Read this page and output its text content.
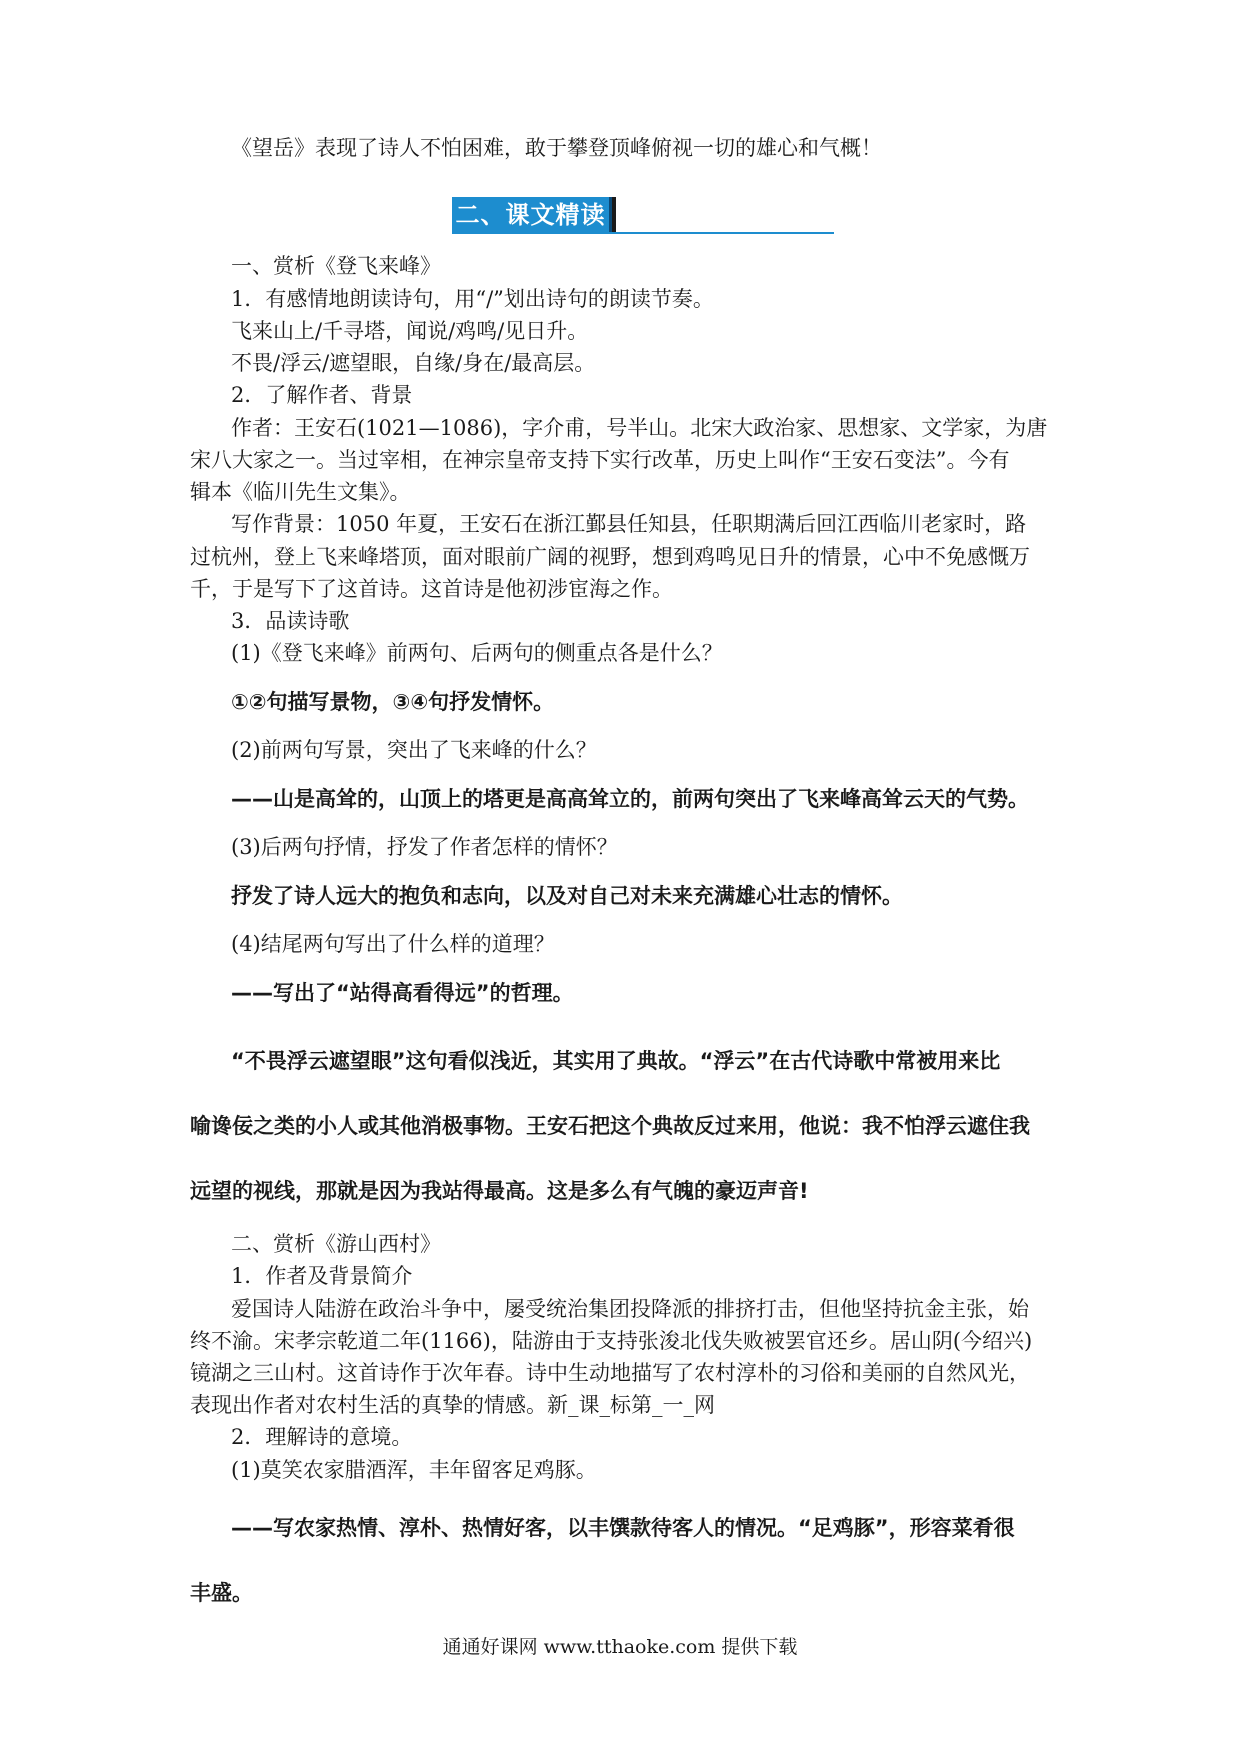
《望岳》表现了诗人不怕困难，敢于攀登顶峰俯视一切的雄心和气概！
二、课文精读
一、赏析《登飞来峰》
1．有感情地朗读诗句，用“/”划出诗句的朗读节奏。
飞来山上/千寻塔，闻说/鸡鸣/见日升。
不畏/浮云/遮望眼，自缘/身在/最高层。
2．了解作者、背景
作者：王安石(1021—1086)，字介甫，号半山。北宋大政治家、思想家、文学家，为唐
宋八大家之一。当过宰相，在神宗皇帝支持下实行改革，历史上叫作“王安石变法”。今有
辑本《临川先生文集》。
写作背景：1050 年夏，王安石在浙江鄞县任知县，任职期满后回江西临川老家时，路
过杭州，登上飞来峰塔顶，面对眼前广阔的视野，想到鸡鸣见日升的情景，心中不免感慨万
千，于是写下了这首诗。这首诗是他初涉宦海之作。
3．品读诗歌
(1)《登飞来峰》前两句、后两句的侧重点各是什么？
①②句描写景物，③④句抒发情怀。
(2)前两句写景，突出了飞来峰的什么？
——山是高耸的，山顶上的塔更是高高耸立的，前两句突出了飞来峰高耸云天的气势。
(3)后两句抒情，抒发了作者怎样的情怀？
抒发了诗人远大的抱负和志向，以及对自己对未来充满雄心壮志的情怀。
(4)结尾两句写出了什么样的道理？
——写出了“站得高看得远”的哲理。
“不畏浮云遮望眼”这句看似浅近，其实用了典故。“浮云”在古代诗歌中常被用来比
喻谗佞之类的小人或其他消极事物。王安石把这个典故反过来用，他说：我不怕浮云遮住我
远望的视线，那就是因为我站得最高。这是多么有气魄的豪迈声音!
二、赏析《游山西村》
1．作者及背景简介
爱国诗人陆游在政治斗争中，屡受统治集团投降派的排挤打击，但他坚持抗金主张，始
终不渝。宋孝宗乾道二年(1166)，陆游由于支持张浚北伐失败被罢官还乡。居山阴(今绍兴)
镜湖之三山村。这首诗作于次年春。诗中生动地描写了农村淳朴的习俗和美丽的自然风光，
表现出作者对农村生活的真挚的情感。新_课_标第_一_网
2．理解诗的意境。
(1)莫笑农家腊酒浑，丰年留客足鸡豚。
——写农家热情、淳朴、热情好客，以丰馔款待客人的情况。“足鸡豚”，形容菜肴很
丰盛。
通通好课网 www.tthaoke.com 提供下载
